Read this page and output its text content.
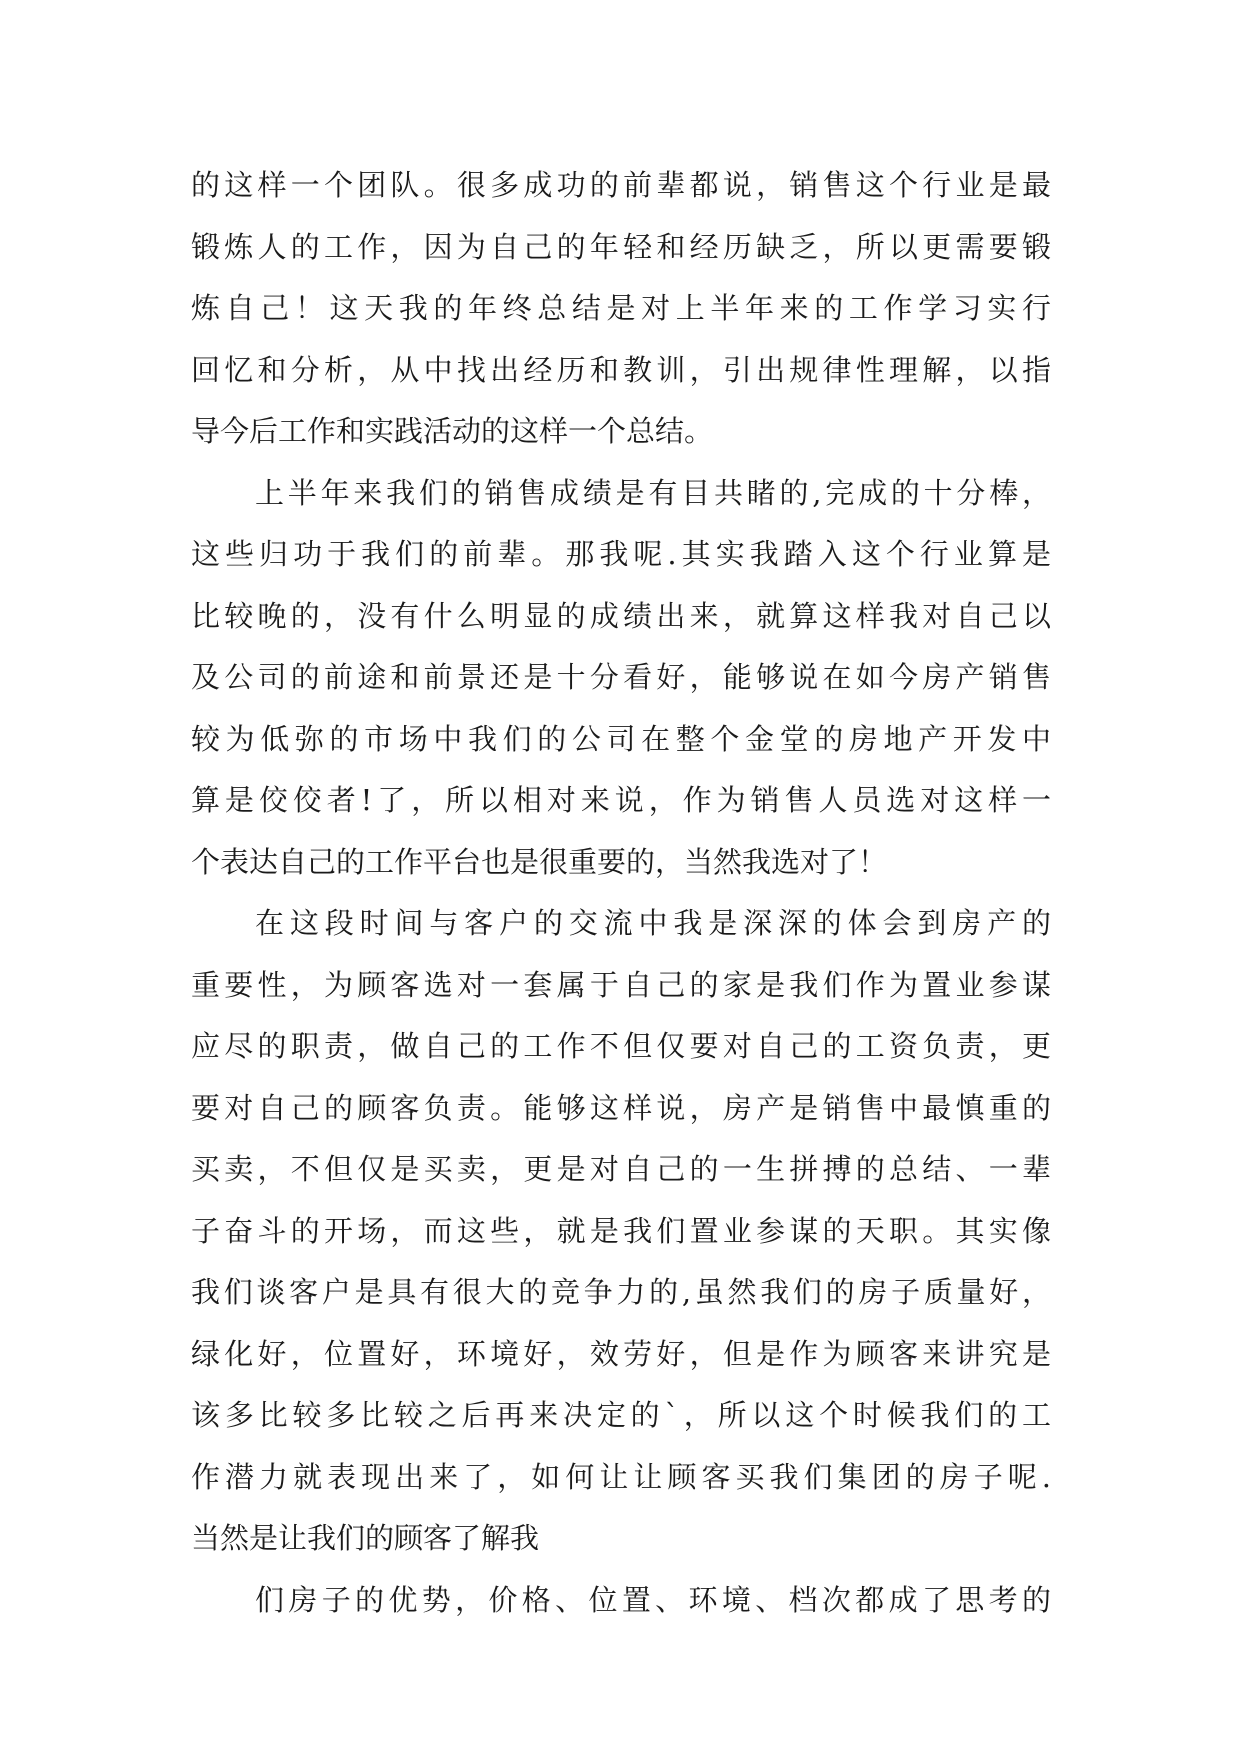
的这样一个团队。很多成功的前辈都说，销售这个行业是最
锻炼人的工作，因为自己的年轻和经历缺乏，所以更需要锻
炼自己！这天我的年终总结是对上半年来的工作学习实行
回忆和分析，从中找出经历和教训，引出规律性理解，以指
导今后工作和实践活动的这样一个总结。
上半年来我们的销售成绩是有目共睹的,完成的十分棒，
这些归功于我们的前辈。那我呢.其实我踏入这个行业算是
比较晚的，没有什么明显的成绩出来，就算这样我对自己以
及公司的前途和前景还是十分看好，能够说在如今房产销售
较为低弥的市场中我们的公司在整个金堂的房地产开发中
算是佼佼者!了，所以相对来说，作为销售人员选对这样一
个表达自己的工作平台也是很重要的，当然我选对了！
在这段时间与客户的交流中我是深深的体会到房产的
重要性，为顾客选对一套属于自己的家是我们作为置业参谋
应尽的职责，做自己的工作不但仅要对自己的工资负责，更
要对自己的顾客负责。能够这样说，房产是销售中最慎重的
买卖，不但仅是买卖，更是对自己的一生拼搏的总结、一辈
子奋斗的开场，而这些，就是我们置业参谋的天职。其实像
我们谈客户是具有很大的竞争力的,虽然我们的房子质量好，
绿化好，位置好，环境好，效劳好，但是作为顾客来讲究是
该多比较多比较之后再来决定的`，所以这个时候我们的工
作潜力就表现出来了，如何让让顾客买我们集团的房子呢.
当然是让我们的顾客了解我
们房子的优势，价格、位置、环境、档次都成了思考的
